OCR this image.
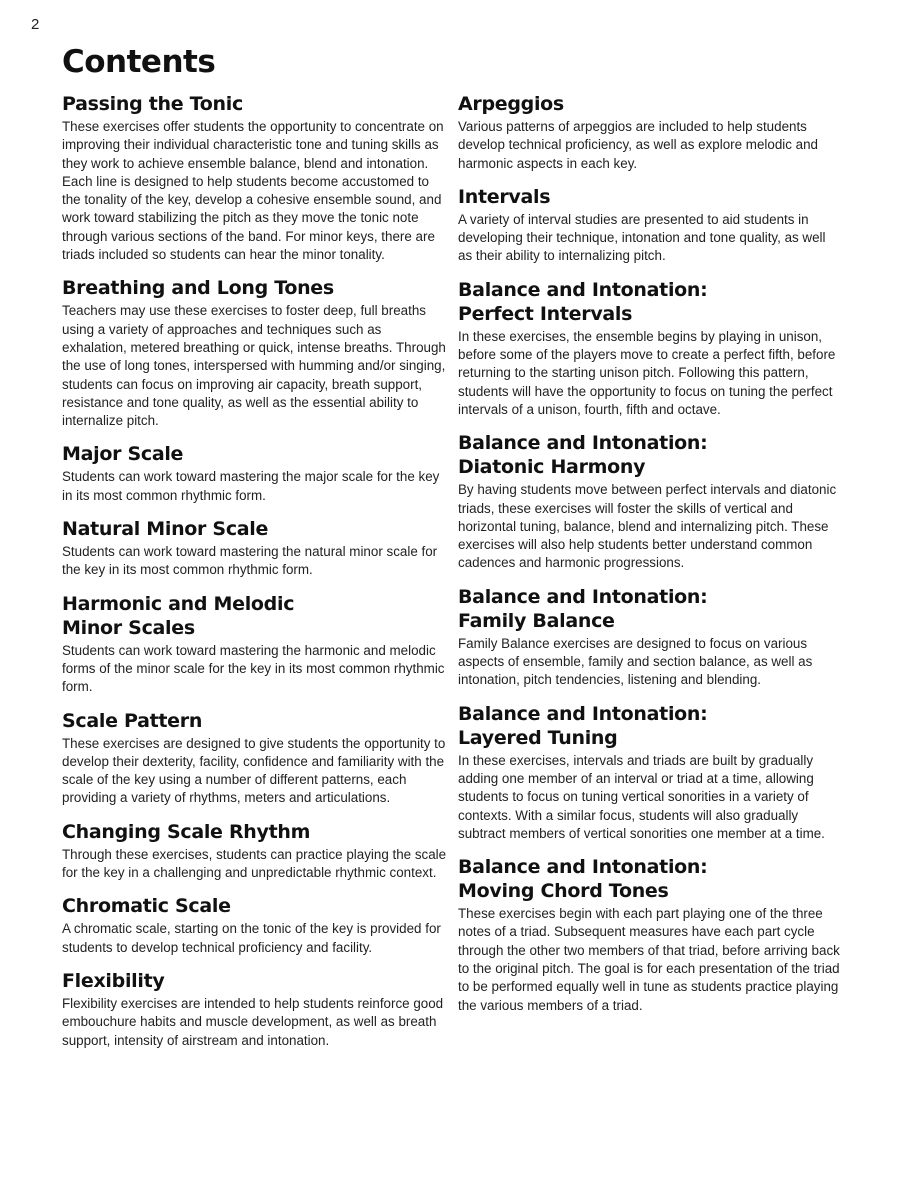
2
Contents
Passing the Tonic

These exercises offer students the opportunity to concentrate on improving their individual characteristic tone and tuning skills as they work to achieve ensemble balance, blend and intonation. Each line is designed to help students become accustomed to the tonality of the key, develop a cohesive ensemble sound, and work toward stabilizing the pitch as they move the tonic note through various sections of the band. For minor keys, there are triads included so students can hear the minor tonality.

Breathing and Long Tones

Teachers may use these exercises to foster deep, full breaths using a variety of approaches and techniques such as exhalation, metered breathing or quick, intense breaths. Through the use of long tones, interspersed with humming and/or singing, students can focus on improving air capacity, breath support, resistance and tone quality, as well as the essential ability to internalize pitch.

Major Scale

Students can work toward mastering the major scale for the key in its most common rhythmic form.

Natural Minor Scale

Students can work toward mastering the natural minor scale for the key in its most common rhythmic form.

Harmonic and Melodic
Minor Scales

Students can work toward mastering the harmonic and melodic forms of the minor scale for the key in its most common rhythmic form.

Scale Pattern

These exercises are designed to give students the opportunity to develop their dexterity, facility, confidence and familiarity with the scale of the key using a number of different patterns, each providing a variety of rhythms, meters and articulations.

Changing Scale Rhythm

Through these exercises, students can practice playing the scale for the key in a challenging and unpredictable rhythmic context.

Chromatic Scale

A chromatic scale, starting on the tonic of the key is provided for students to develop technical proficiency and facility.

Flexibility

Flexibility exercises are intended to help students reinforce good embouchure habits and muscle development, as well as breath support, intensity of airstream and intonation.

Arpeggios

Various patterns of arpeggios are included to help students develop technical proficiency, as well as explore melodic and harmonic aspects in each key.

Intervals

A variety of interval studies are presented to aid students in developing their technique, intonation and tone quality, as well as their ability to internalizing pitch.

Balance and Intonation:
Perfect Intervals

In these exercises, the ensemble begins by playing in unison, before some of the players move to create a perfect fifth, before returning to the starting unison pitch. Following this pattern, students will have the opportunity to focus on tuning the perfect intervals of a unison, fourth, fifth and octave.

Balance and Intonation:
Diatonic Harmony

By having students move between perfect intervals and diatonic triads, these exercises will foster the skills of vertical and horizontal tuning, balance, blend and internalizing pitch. These exercises will also help students better understand common cadences and harmonic progressions.

Balance and Intonation:
Family Balance

Family Balance exercises are designed to focus on various aspects of ensemble, family and section balance, as well as intonation, pitch tendencies, listening and blending.

Balance and Intonation:
Layered Tuning

In these exercises, intervals and triads are built by gradually adding one member of an interval or triad at a time, allowing students to focus on tuning vertical sonorities in a variety of contexts. With a similar focus, students will also gradually subtract members of vertical sonorities one member at a time.

Balance and Intonation:
Moving Chord Tones

These exercises begin with each part playing one of the three notes of a triad. Subsequent measures have each part cycle through the other two members of that triad, before arriving back to the original pitch. The goal is for each presentation of the triad to be performed equally well in tune as students practice playing the various members of a triad.
